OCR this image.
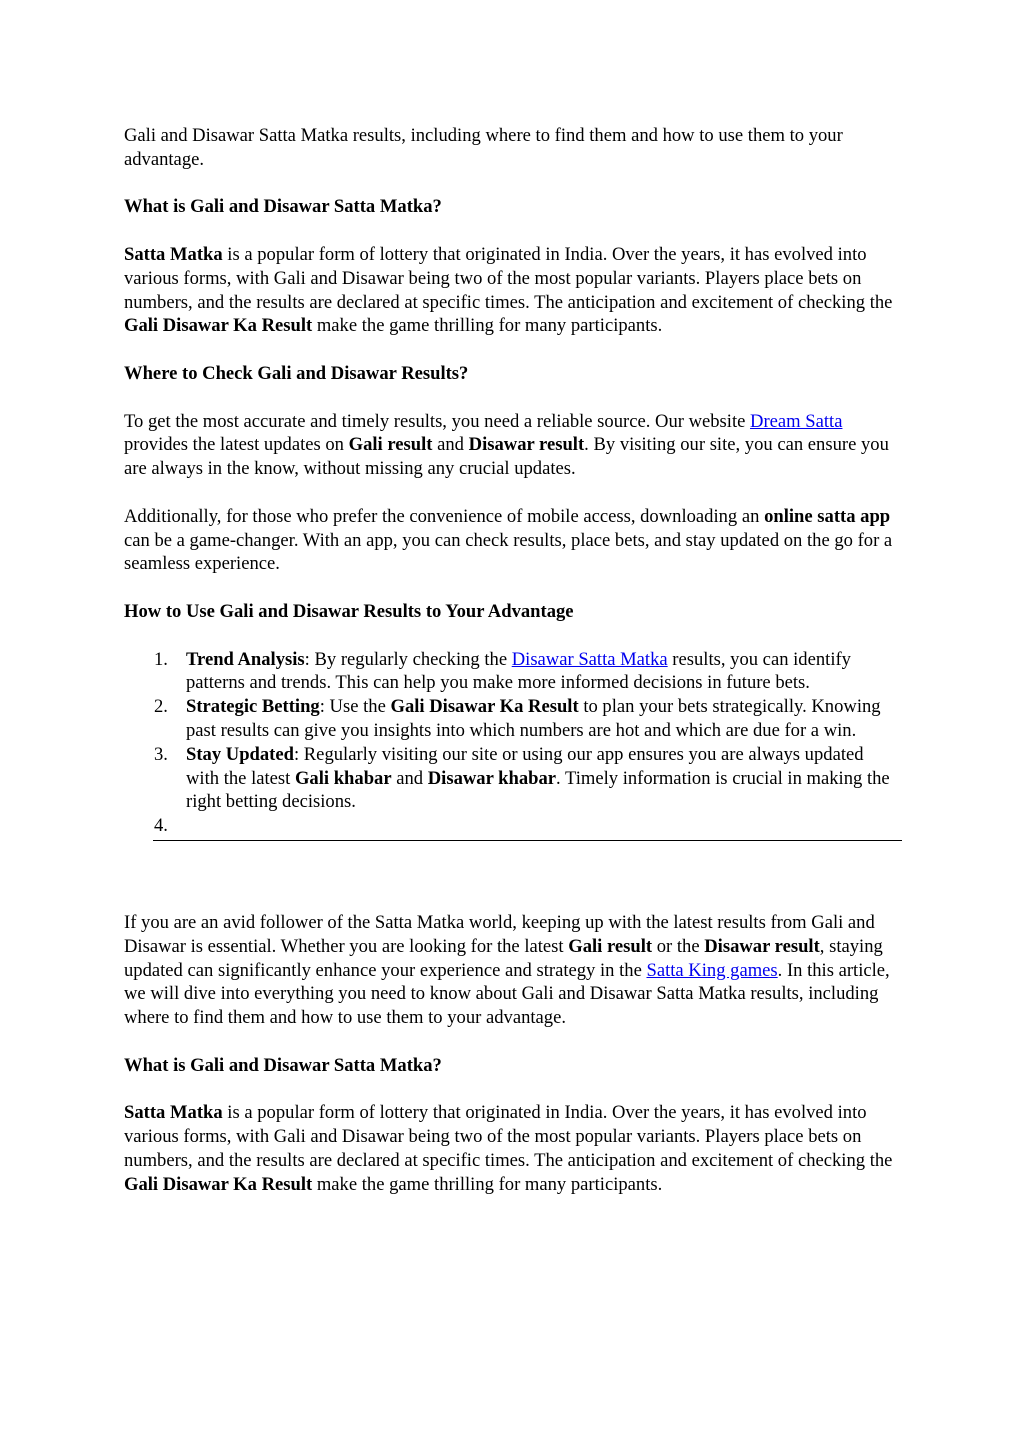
Gali and Disawar Satta Matka results, including where to find them and how to use them to your advantage.

What is Gali and Disawar Satta Matka?

Satta Matka is a popular form of lottery that originated in India. Over the years, it has evolved into various forms, with Gali and Disawar being two of the most popular variants. Players place bets on numbers, and the results are declared at specific times. The anticipation and excitement of checking the Gali Disawar Ka Result make the game thrilling for many participants.

Where to Check Gali and Disawar Results?

To get the most accurate and timely results, you need a reliable source. Our website Dream Satta provides the latest updates on Gali result and Disawar result. By visiting our site, you can ensure you are always in the know, without missing any crucial updates.

Additionally, for those who prefer the convenience of mobile access, downloading an online satta app can be a game-changer. With an app, you can check results, place bets, and stay updated on the go for a seamless experience.

How to Use Gali and Disawar Results to Your Advantage
1. Trend Analysis: By regularly checking the Disawar Satta Matka results, you can identify patterns and trends. This can help you make more informed decisions in future bets.
2. Strategic Betting: Use the Gali Disawar Ka Result to plan your bets strategically. Knowing past results can give you insights into which numbers are hot and which are due for a win.
3. Stay Updated: Regularly visiting our site or using our app ensures you are always updated with the latest Gali khabar and Disawar khabar. Timely information is crucial in making the right betting decisions.
4.

If you are an avid follower of the Satta Matka world, keeping up with the latest results from Gali and Disawar is essential. Whether you are looking for the latest Gali result or the Disawar result, staying updated can significantly enhance your experience and strategy in the Satta King games. In this article, we will dive into everything you need to know about Gali and Disawar Satta Matka results, including where to find them and how to use them to your advantage.

What is Gali and Disawar Satta Matka?

Satta Matka is a popular form of lottery that originated in India. Over the years, it has evolved into various forms, with Gali and Disawar being two of the most popular variants. Players place bets on numbers, and the results are declared at specific times. The anticipation and excitement of checking the Gali Disawar Ka Result make the game thrilling for many participants.
